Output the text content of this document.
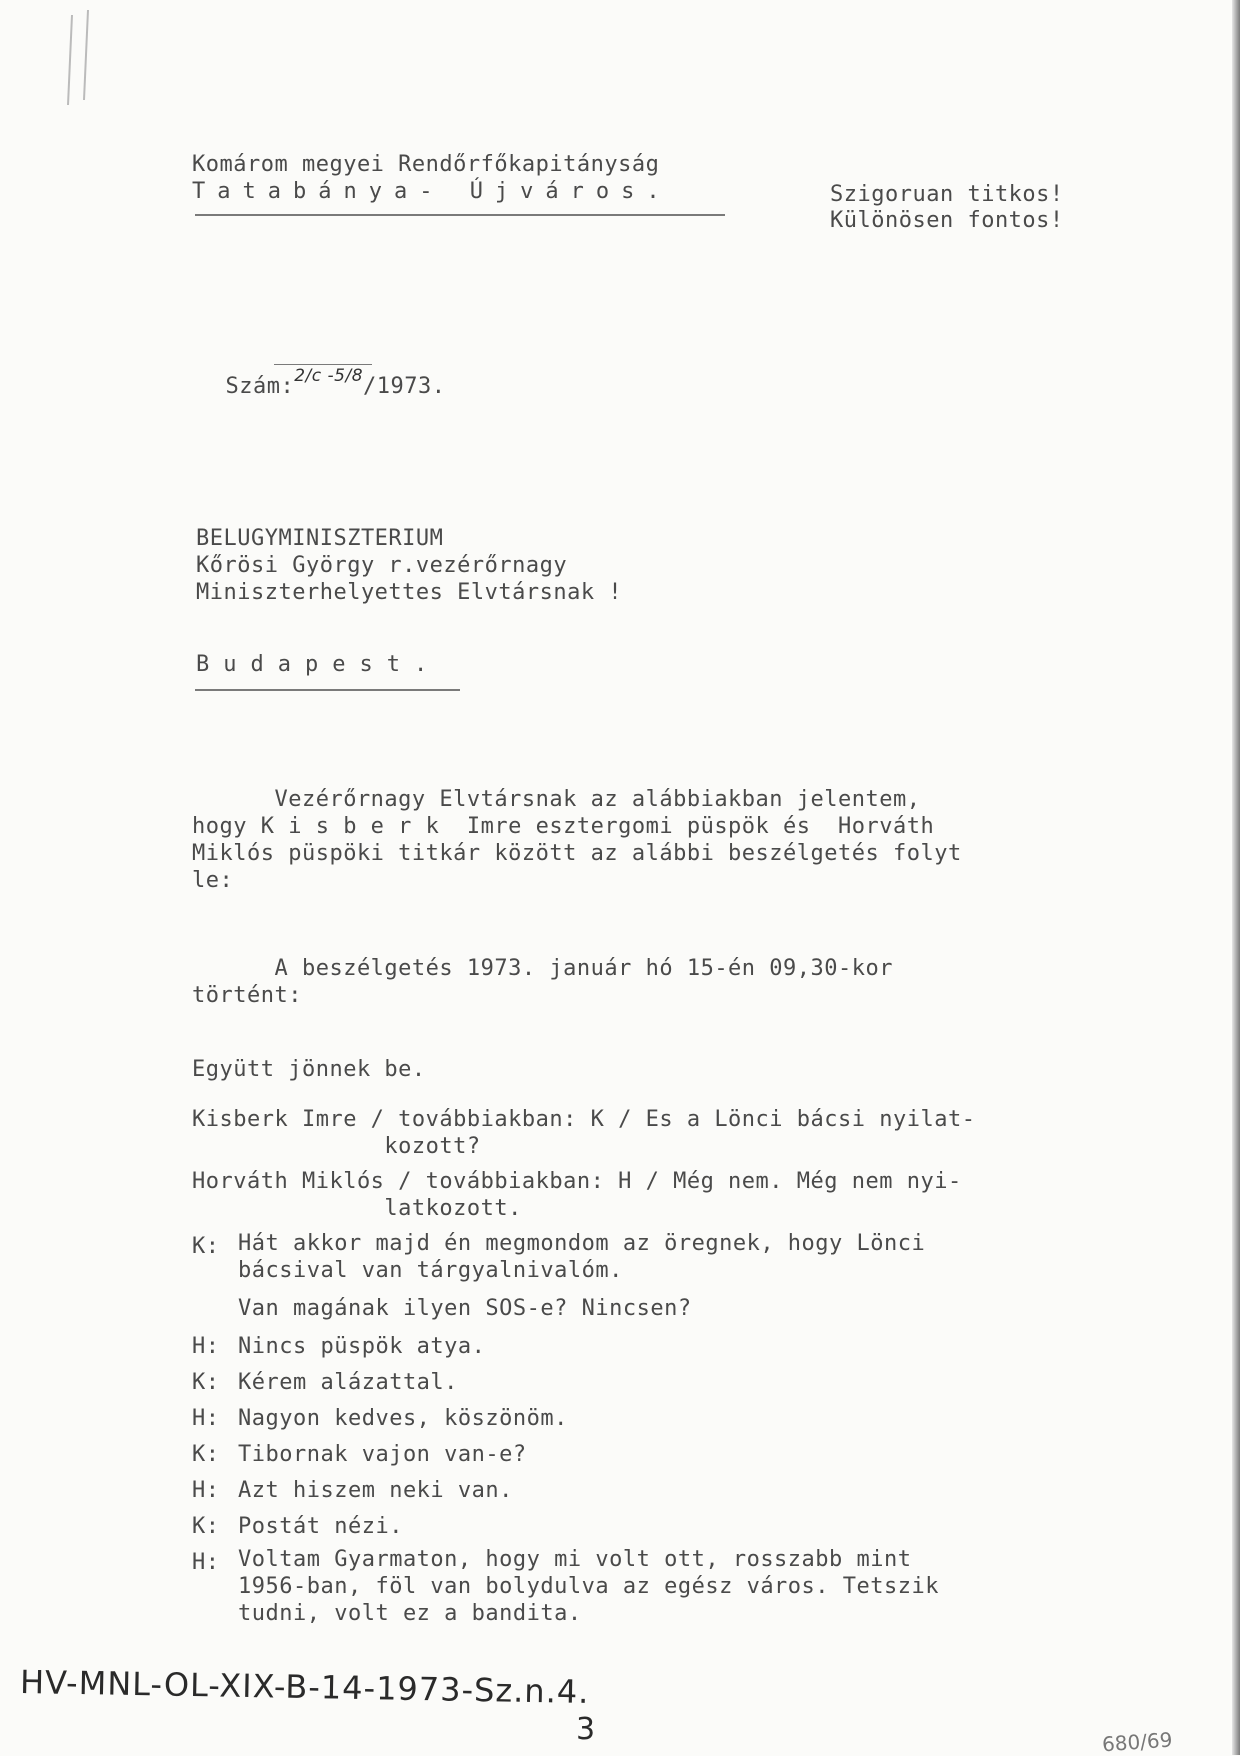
Komárom megyei Rendőrfőkapitányság
Tatabánya- Újváros.	Szigoruan titkos!
Különösen fontos!

Szám:$^{2/c -5/8}$/1973.

BELUGYMINISZTERIUM
Kőrösi György r.vezérőrnagy
Miniszterhelyettes Elvtársnak !
Budapest.
Vezérőrnagy Elvtársnak az alábbiakban jelentem,
hogy K i s b e r k  Imre esztergomi püspök és  Horváth
Miklós püspöki titkár között az alábbi beszélgetés folyt
le:
A beszélgetés 1973. január hó 15-én 09,30-kor
történt:
Együtt jönnek be.
Kisberk Imre / továbbiakban: K / Es a Lönci bácsi nyilat-
kozott?
Horváth Miklós / továbbiakban: H / Még nem. Még nem nyi-
latkozott.
K: Hát akkor majd én megmondom az öregnek, hogy Lönci
bácsival van tárgyalnivalóm.
Van magának ilyen SOS-e? Nincsen?
H: Nincs püspök atya.
K: Kérem alázattal.
H: Nagyon kedves, köszönöm.
K: Tibornak vajon van-e?
H: Azt hiszem neki van.
K: Postát nézi.
H: Voltam Gyarmaton, hogy mi volt ott, rosszabb mint
1956-ban, föl van bolydulva az egész város. Tetszik
tudni, volt ez a bandita.
HV-MNL-OL-XIX-B-14-1973-Sz.n.4.
3	680/69
